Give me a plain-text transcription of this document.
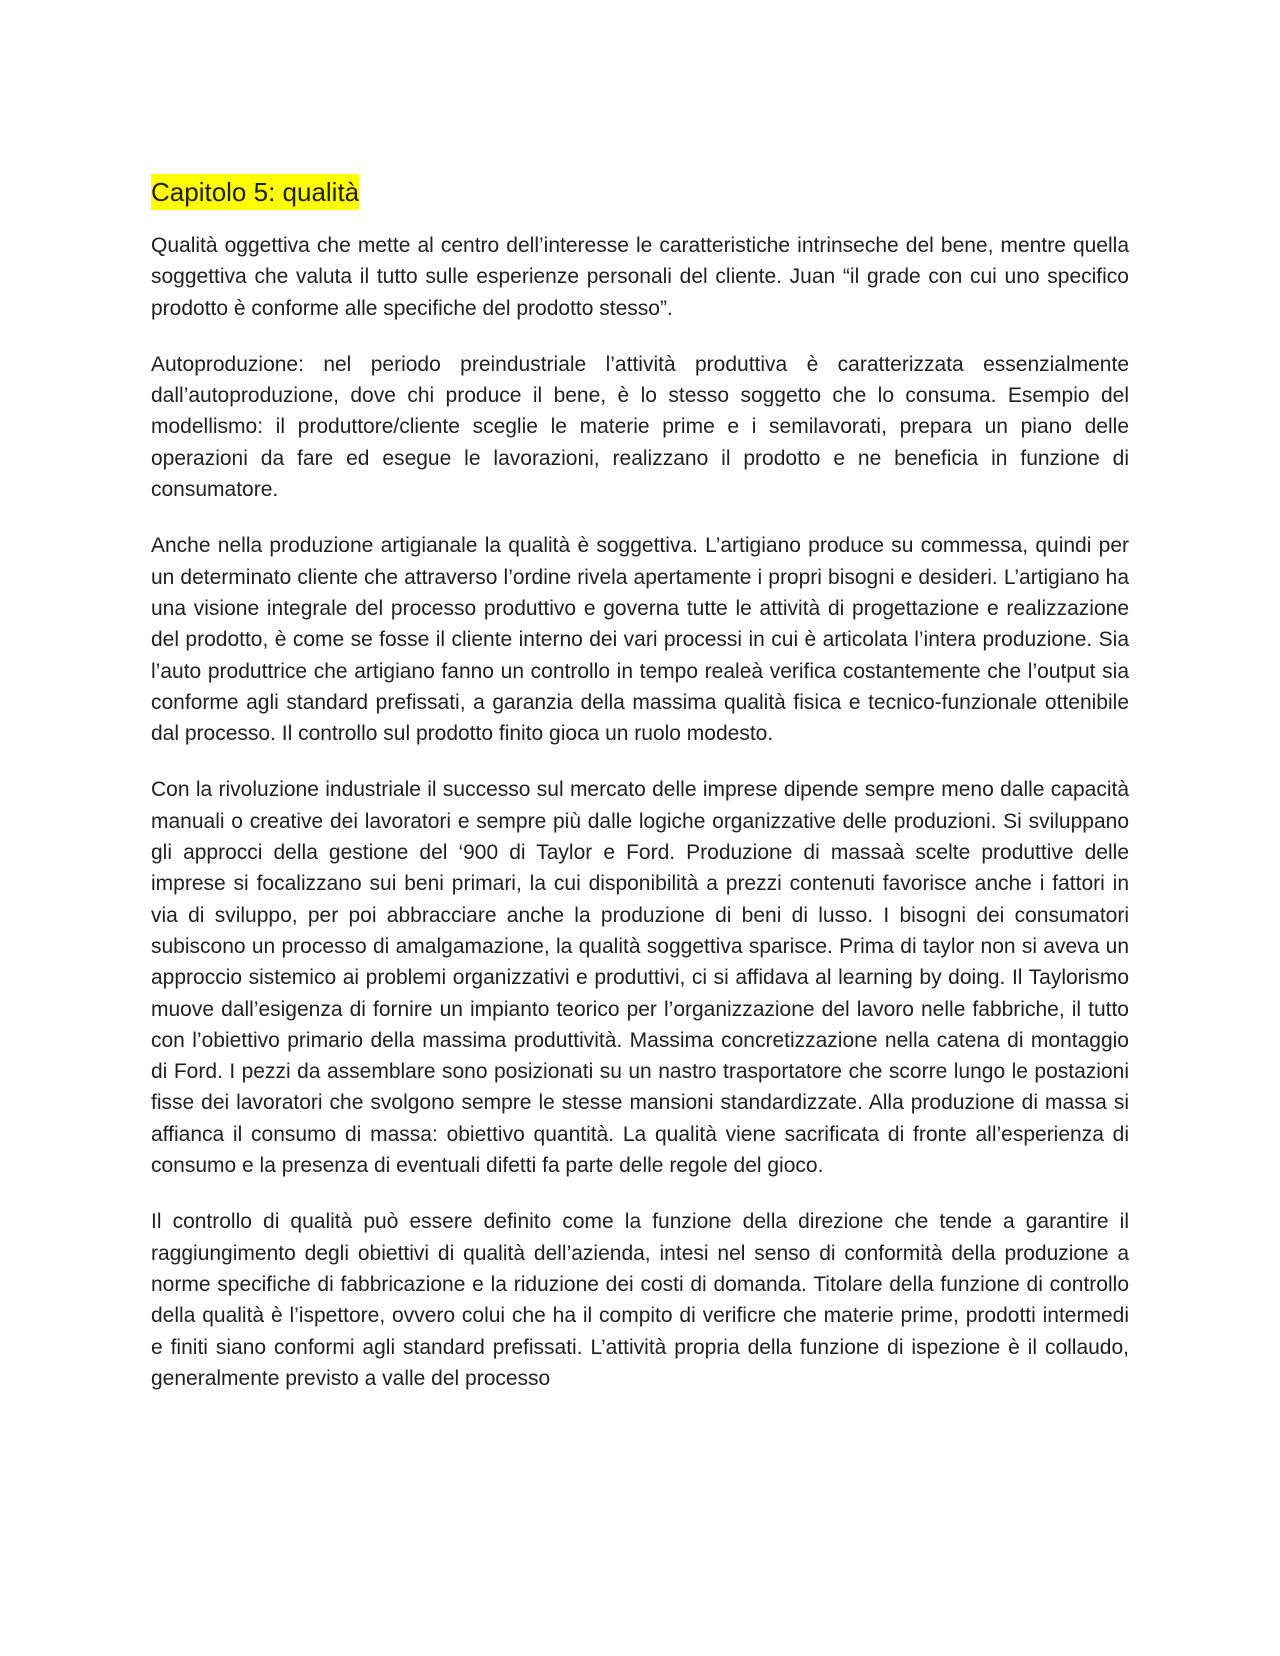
Capitolo 5: qualità

Qualità oggettiva che mette al centro dell’interesse le caratteristiche intrinseche del bene, mentre quella soggettiva che valuta il tutto sulle esperienze personali del cliente. Juan “il grade con cui uno specifico prodotto è conforme alle specifiche del prodotto stesso”.

Autoproduzione: nel periodo preindustriale l’attività produttiva è caratterizzata essenzialmente dall’autoproduzione, dove chi produce il bene, è lo stesso soggetto che lo consuma. Esempio del modellismo: il produttore/cliente sceglie le materie prime e i semilavorati, prepara un piano delle operazioni da fare ed esegue le lavorazioni, realizzano il prodotto e ne beneficia in funzione di consumatore.

Anche nella produzione artigianale la qualità è soggettiva. L’artigiano produce su commessa, quindi per un determinato cliente che attraverso l’ordine rivela apertamente i propri bisogni e desideri. L’artigiano ha una visione integrale del processo produttivo e governa tutte le attività di progettazione e realizzazione del prodotto, è come se fosse il cliente interno dei vari processi in cui è articolata l’intera produzione. Sia l’auto produttrice che artigiano fanno un controllo in tempo realeà verifica costantemente che l’output sia conforme agli standard prefissati, a garanzia della massima qualità fisica e tecnico-funzionale ottenibile dal processo. Il controllo sul prodotto finito gioca un ruolo modesto.

Con la rivoluzione industriale il successo sul mercato delle imprese dipende sempre meno dalle capacità manuali o creative dei lavoratori e sempre più dalle logiche organizzative delle produzioni. Si sviluppano gli approcci della gestione del ‘900 di Taylor e Ford. Produzione di massaà scelte produttive delle imprese si focalizzano sui beni primari, la cui disponibilità a prezzi contenuti favorisce anche i fattori in via di sviluppo, per poi abbracciare anche la produzione di beni di lusso. I bisogni dei consumatori subiscono un processo di amalgamazione, la qualità soggettiva sparisce. Prima di taylor non si aveva un approccio sistemico ai problemi organizzativi e produttivi, ci si affidava al learning by doing. Il Taylorismo muove dall’esigenza di fornire un impianto teorico per l’organizzazione del lavoro nelle fabbriche, il tutto con l’obiettivo primario della massima produttività. Massima concretizzazione nella catena di montaggio di Ford. I pezzi da assemblare sono posizionati su un nastro trasportatore che scorre lungo le postazioni fisse dei lavoratori che svolgono sempre le stesse mansioni standardizzate. Alla produzione di massa si affianca il consumo di massa: obiettivo quantità. La qualità viene sacrificata di fronte all’esperienza di consumo e la presenza di eventuali difetti fa parte delle regole del gioco.

Il controllo di qualità può essere definito come la funzione della direzione che tende a garantire il raggiungimento degli obiettivi di qualità dell’azienda, intesi nel senso di conformità della produzione a norme specifiche di fabbricazione e la riduzione dei costi di domanda. Titolare della funzione di controllo della qualità è l’ispettore, ovvero colui che ha il compito di verificre che materie prime, prodotti intermedi e finiti siano conformi agli standard prefissati. L’attività propria della funzione di ispezione è il collaudo, generalmente previsto a valle del processo
